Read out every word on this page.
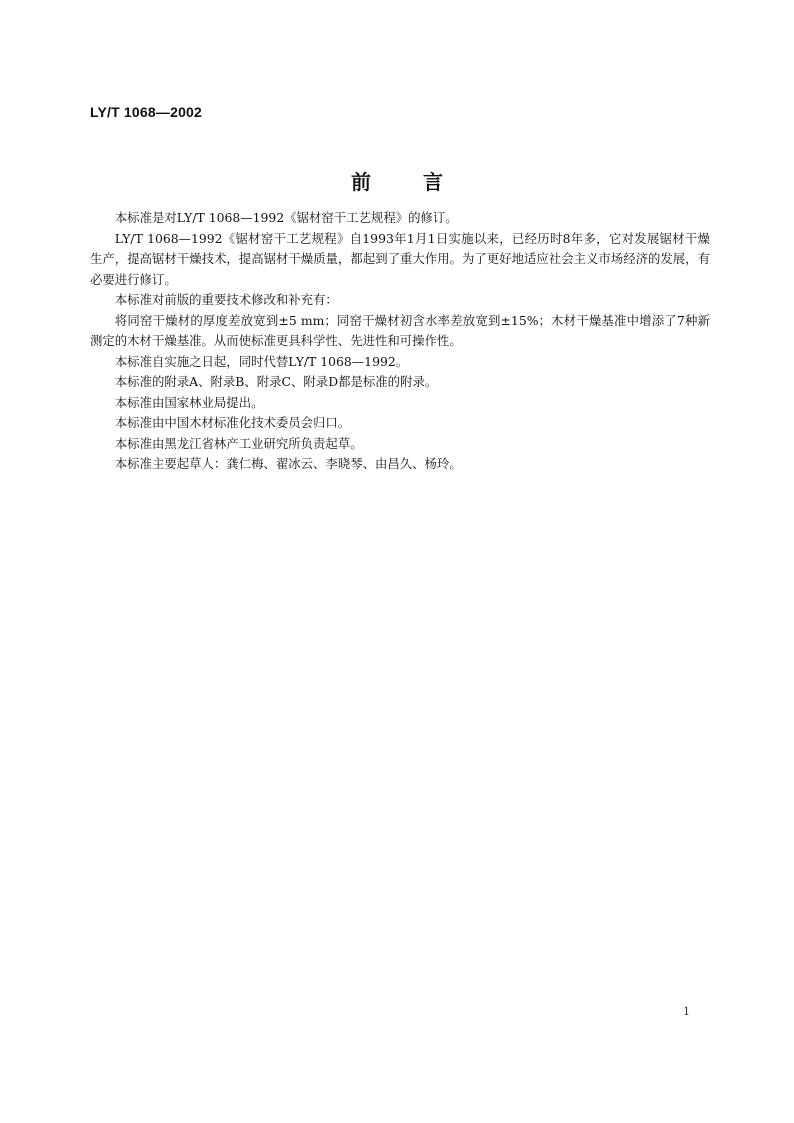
LY/T 1068—2002
前言

本标准是对LY/T 1068—1992《锯材窑干工艺规程》的修订。

LY/T 1068—1992《锯材窑干工艺规程》自1993年1月1日实施以来，已经历时8年多，它对发展锯材干燥生产，提高锯材干燥技术，提高锯材干燥质量，都起到了重大作用。为了更好地适应社会主义市场经济的发展，有必要进行修订。

本标准对前版的重要技术修改和补充有：

将同窑干燥材的厚度差放宽到±5 mm；同窑干燥材初含水率差放宽到±15%；木材干燥基准中增添了7种新测定的木材干燥基准。从而使标准更具科学性、先进性和可操作性。

本标准自实施之日起，同时代替LY/T 1068—1992。

本标准的附录A、附录B、附录C、附录D都是标准的附录。

本标准由国家林业局提出。

本标准由中国木材标准化技术委员会归口。

本标准由黑龙江省林产工业研究所负责起草。

本标准主要起草人：龚仁梅、翟冰云、李晓琴、由昌久、杨玲。

1
